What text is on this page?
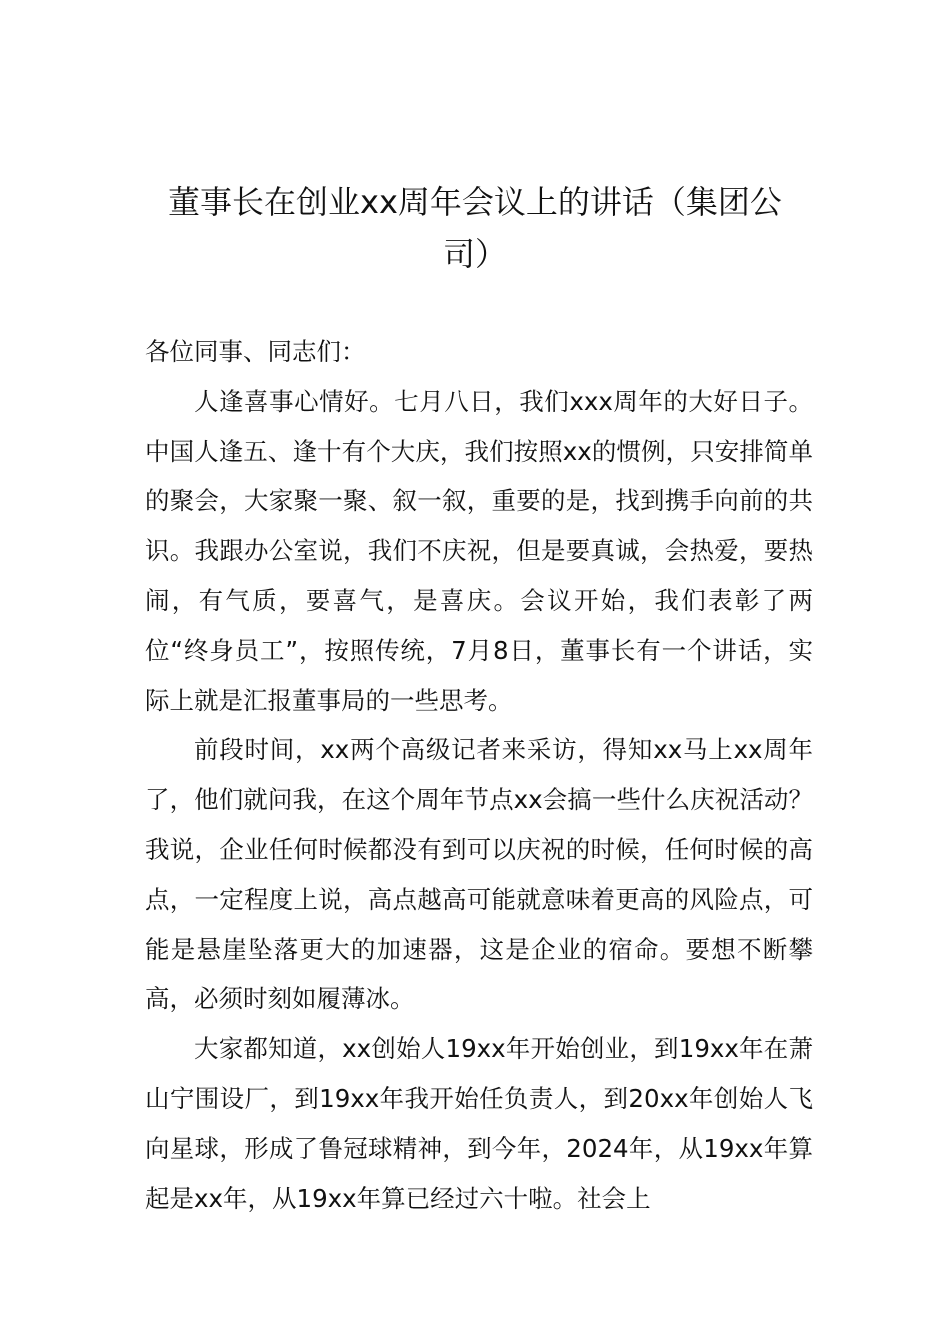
董事长在创业xx周年会议上的讲话（集团公司）

各位同事、同志们：

人逢喜事心情好。七月八日，我们xxx周年的大好日子。中国人逢五、逢十有个大庆，我们按照xx的惯例，只安排简单的聚会，大家聚一聚、叙一叙，重要的是，找到携手向前的共识。我跟办公室说，我们不庆祝，但是要真诚，会热爱，要热闹，有气质，要喜气，是喜庆。会议开始，我们表彰了两位“终身员工”，按照传统，7月8日，董事长有一个讲话，实际上就是汇报董事局的一些思考。

前段时间，xx两个高级记者来采访，得知xx马上xx周年了，他们就问我，在这个周年节点xx会搞一些什么庆祝活动？我说，企业任何时候都没有到可以庆祝的时候，任何时候的高点，一定程度上说，高点越高可能就意味着更高的风险点，可能是悬崖坠落更大的加速器，这是企业的宿命。要想不断攀高，必须时刻如履薄冰。

大家都知道，xx创始人19xx年开始创业，到19xx年在萧山宁围设厂，到19xx年我开始任负责人，到20xx年创始人飞向星球，形成了鲁冠球精神，到今年，2024年，从19xx年算起是xx年，从19xx年算已经过六十啦。社会上
